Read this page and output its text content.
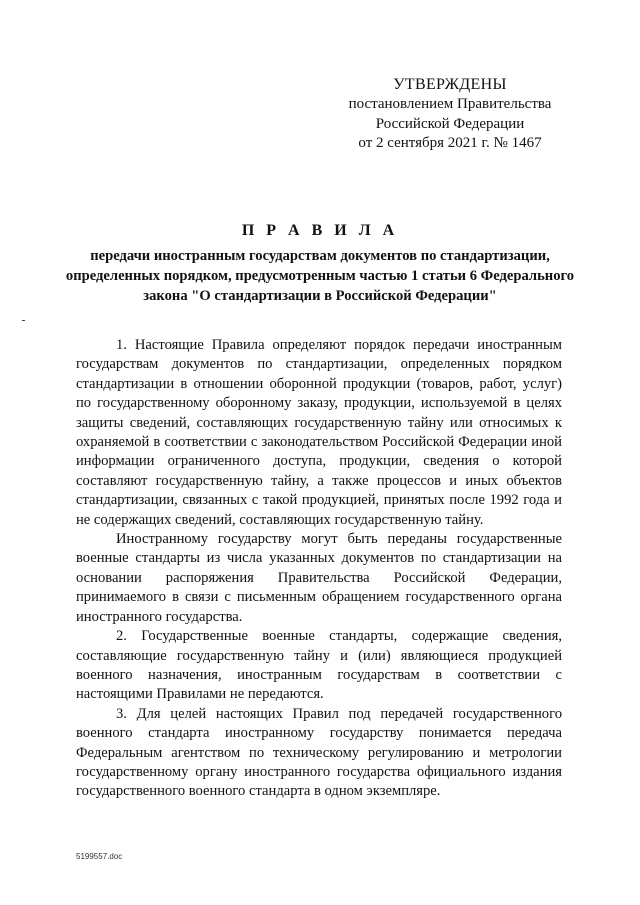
УТВЕРЖДЕНЫ
постановлением Правительства
Российской Федерации
от 2 сентября 2021 г. № 1467
П Р А В И Л А
передачи иностранным государствам документов по стандартизации, определенных порядком, предусмотренным частью 1 статьи 6 Федерального закона "О стандартизации в Российской Федерации"

1. Настоящие Правила определяют порядок передачи иностранным государствам документов по стандартизации, определенных порядком стандартизации в отношении оборонной продукции (товаров, работ, услуг) по государственному оборонному заказу, продукции, используемой в целях защиты сведений, составляющих государственную тайну или относимых к охраняемой в соответствии с законодательством Российской Федерации иной информации ограниченного доступа, продукции, сведения о которой составляют государственную тайну, а также процессов и иных объектов стандартизации, связанных с такой продукцией, принятых после 1992 года и не содержащих сведений, составляющих государственную тайну.

Иностранному государству могут быть переданы государственные военные стандарты из числа указанных документов по стандартизации на основании распоряжения Правительства Российской Федерации, принимаемого в связи с письменным обращением государственного органа иностранного государства.

2. Государственные военные стандарты, содержащие сведения, составляющие государственную тайну и (или) являющиеся продукцией военного назначения, иностранным государствам в соответствии с настоящими Правилами не передаются.

3. Для целей настоящих Правил под передачей государственного военного стандарта иностранному государству понимается передача Федеральным агентством по техническому регулированию и метрологии государственному органу иностранного государства официального издания государственного военного стандарта в одном экземпляре.

5199557.doc
